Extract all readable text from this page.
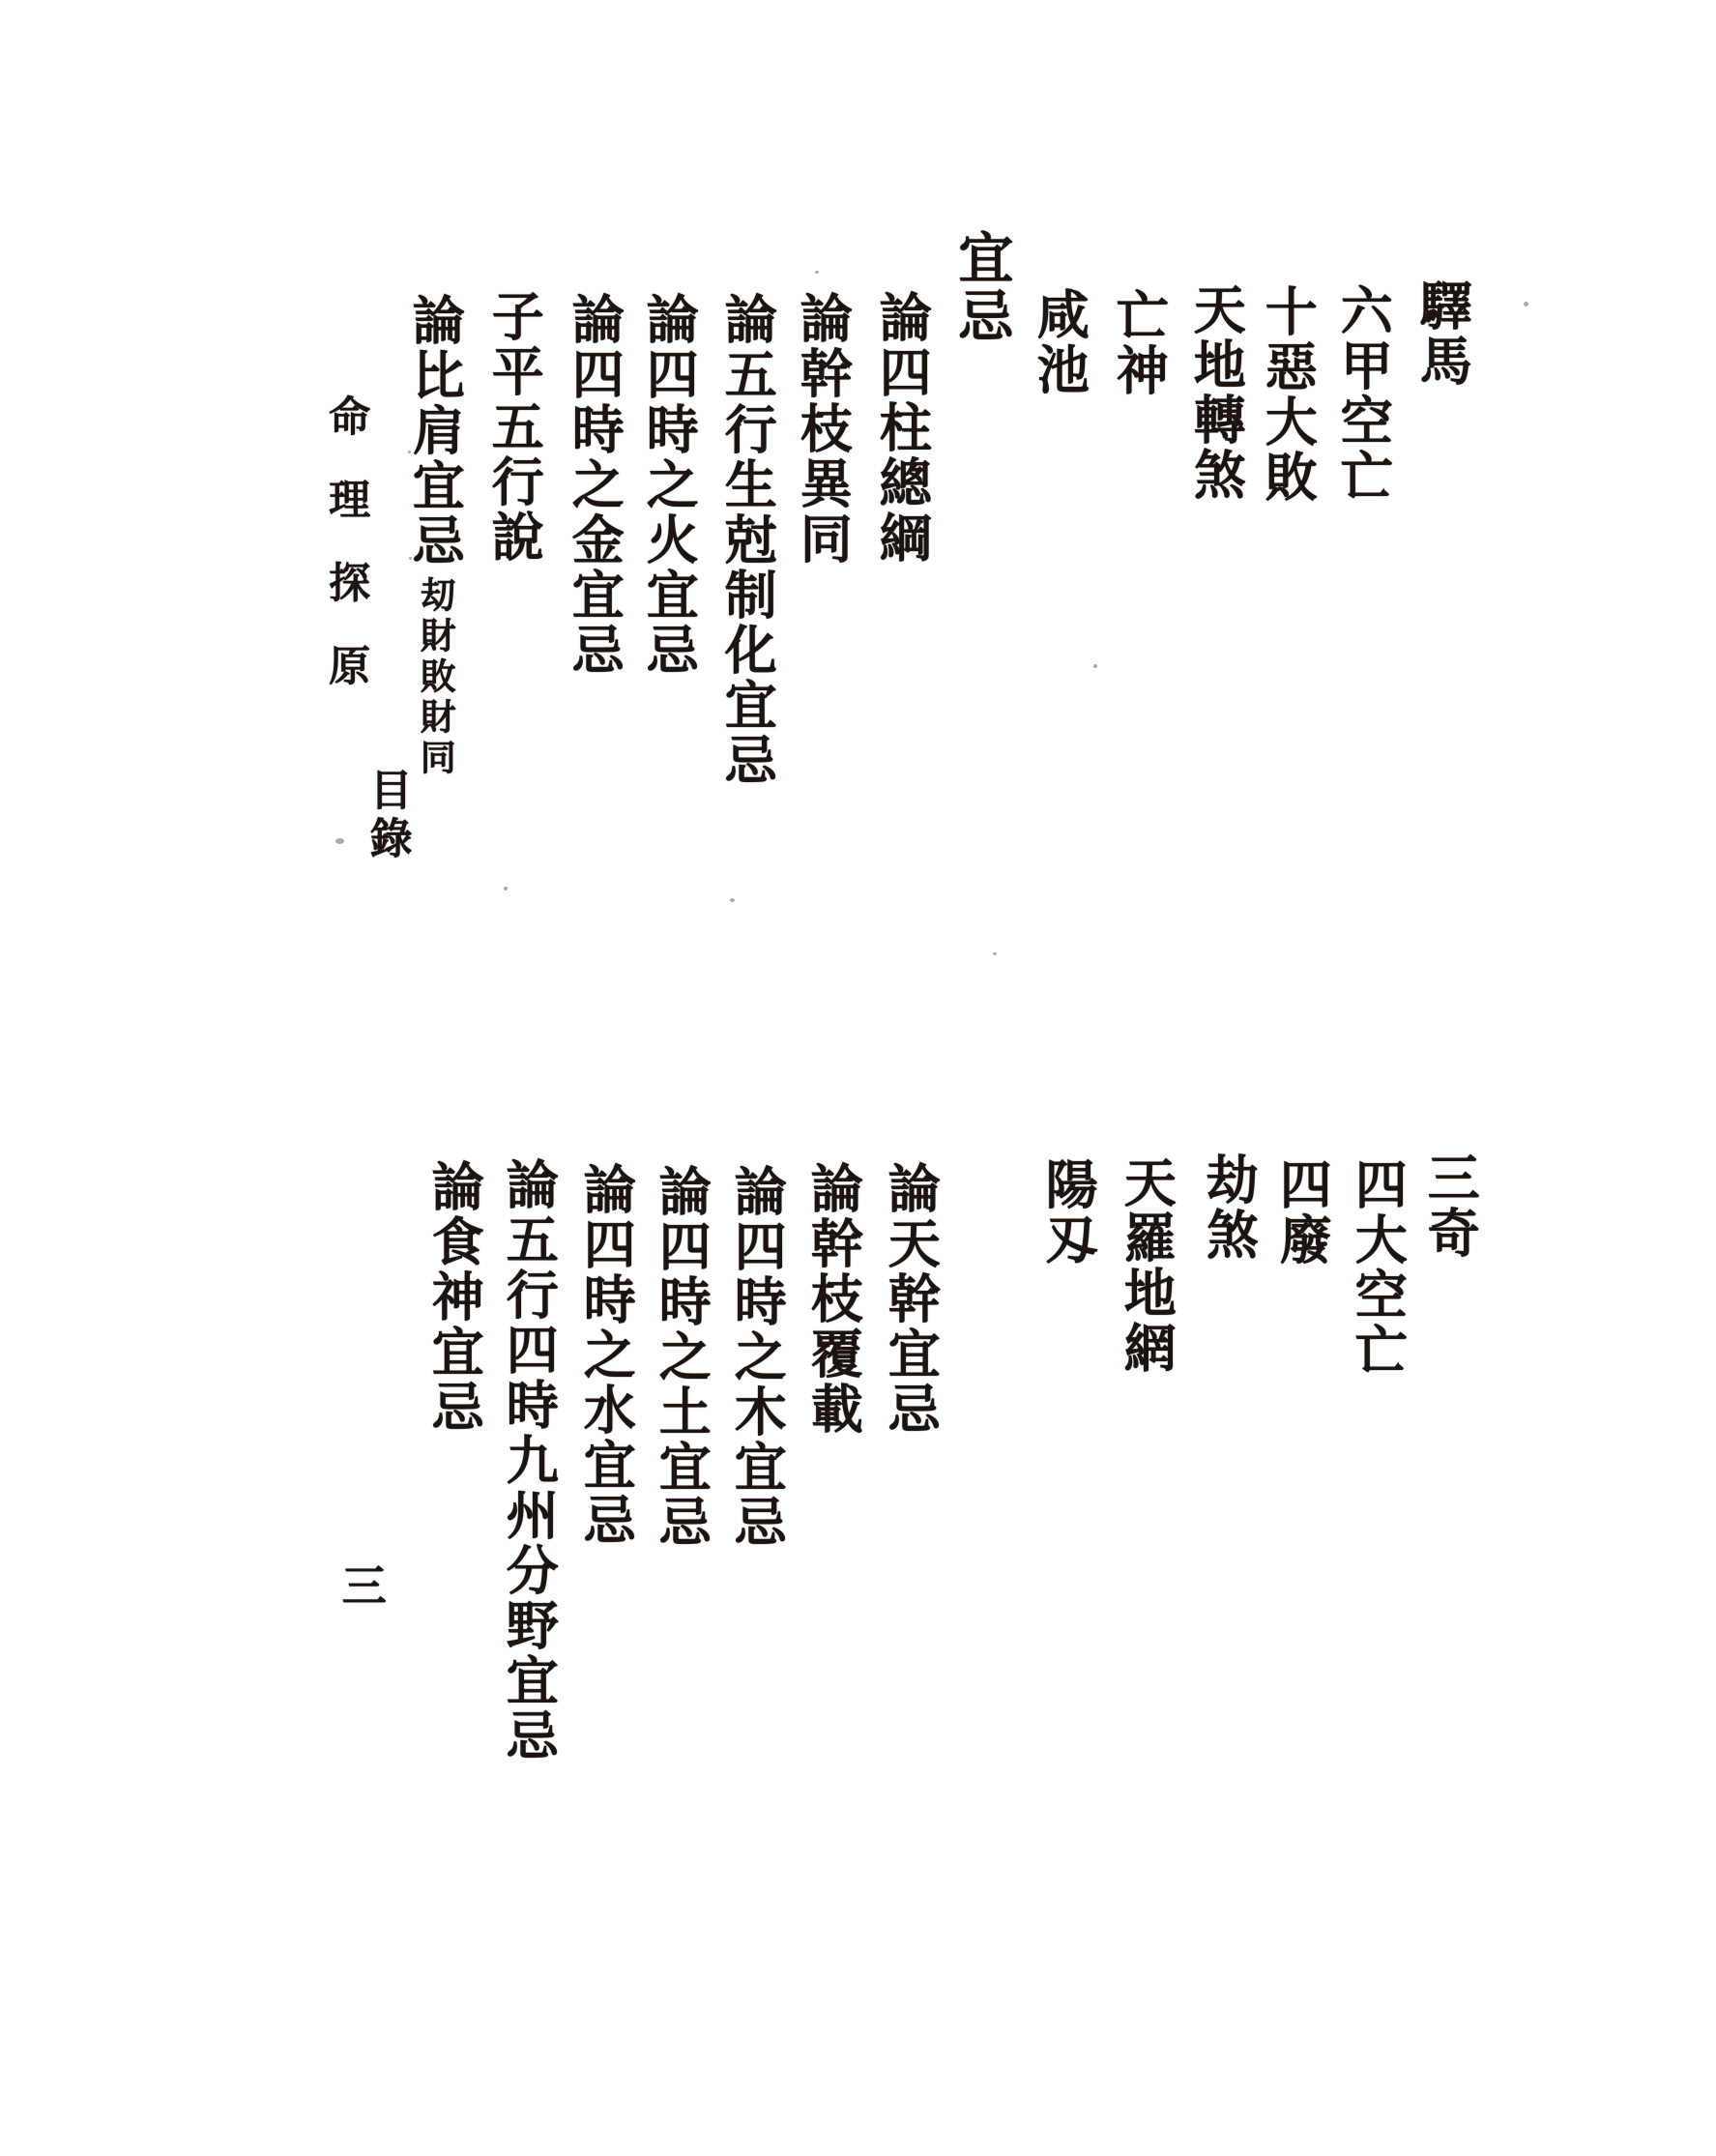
驛馬
六甲空亡
十惡大敗
天地轉煞
亡神
咸池
宜忌
論四柱總綱
論幹枝異同
論五行生尅制化宜忌
論四時之火宜忌
論四時之金宜忌
子平五行說
論比肩宜忌刧財敗財同
命理探原
目錄
三奇
四大空亡
四廢
劫煞
天羅地網
陽刄
論天幹宜忌
論幹枝覆載
論四時之木宜忌
論四時之土宜忌
論四時之水宜忌
論五行四時九州分野宜忌
論食神宜忌
三
